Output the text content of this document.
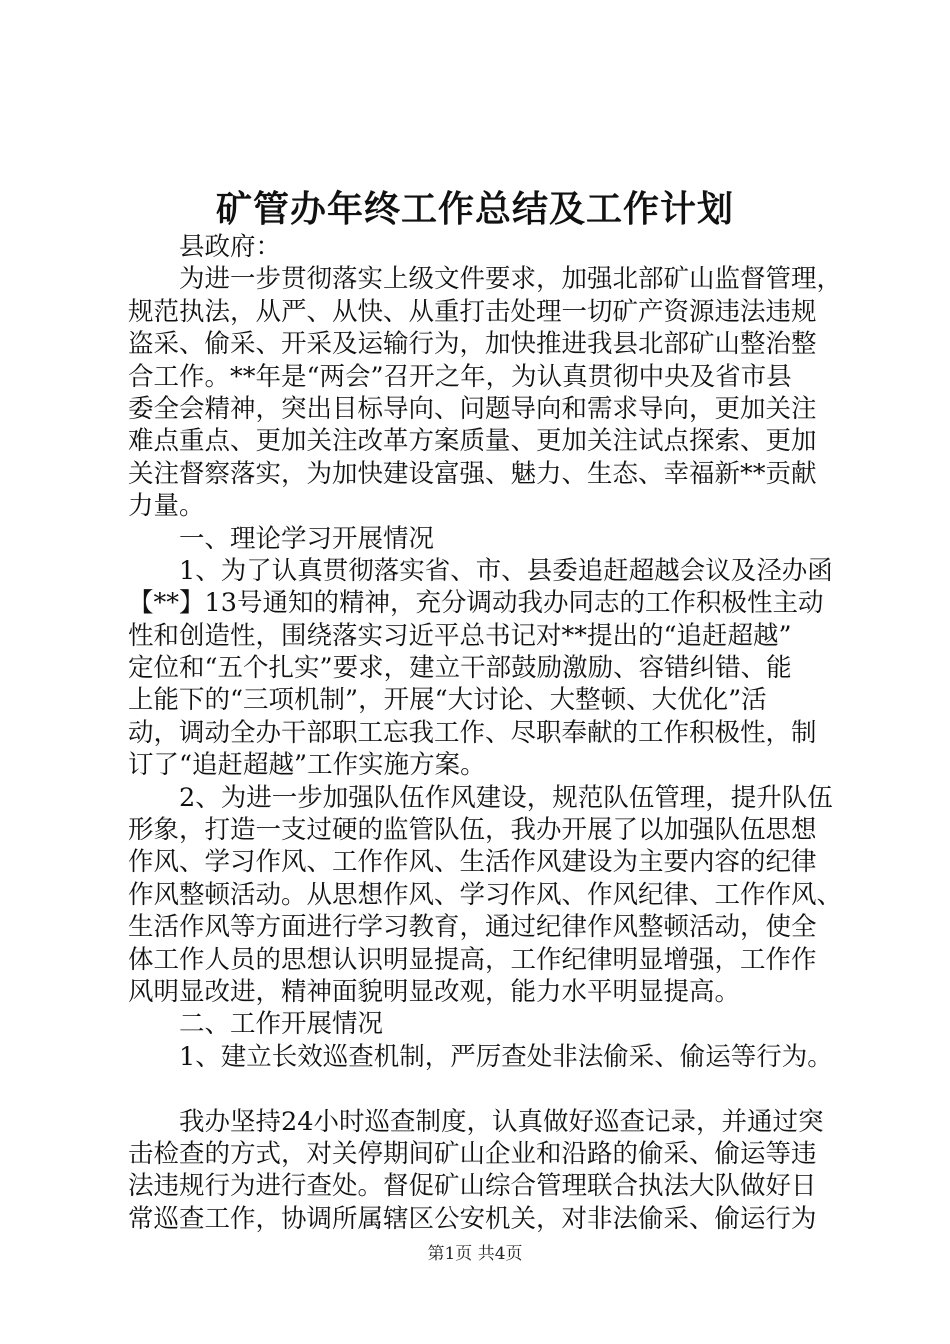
矿管办年终工作总结及工作计划
县政府：
为进一步贯彻落实上级文件要求，加强北部矿山监督管理，
规范执法，从严、从快、从重打击处理一切矿产资源违法违规
盗采、偷采、开采及运输行为，加快推进我县北部矿山整治整
合工作。**年是“两会”召开之年，为认真贯彻中央及省市县
委全会精神，突出目标导向、问题导向和需求导向，更加关注
难点重点、更加关注改革方案质量、更加关注试点探索、更加
关注督察落实，为加快建设富强、魅力、生态、幸福新**贡献
力量。
一、理论学习开展情况
1、为了认真贯彻落实省、市、县委追赶超越会议及泾办函
【**】13号通知的精神，充分调动我办同志的工作积极性主动
性和创造性，围绕落实习近平总书记对**提出的“追赶超越”
定位和“五个扎实”要求，建立干部鼓励激励、容错纠错、能
上能下的“三项机制”，开展“大讨论、大整顿、大优化”活
动，调动全办干部职工忘我工作、尽职奉献的工作积极性，制
订了“追赶超越”工作实施方案。
2、为进一步加强队伍作风建设，规范队伍管理，提升队伍
形象，打造一支过硬的监管队伍，我办开展了以加强队伍思想
作风、学习作风、工作作风、生活作风建设为主要内容的纪律
作风整顿活动。从思想作风、学习作风、作风纪律、工作作风、
生活作风等方面进行学习教育，通过纪律作风整顿活动，使全
体工作人员的思想认识明显提高，工作纪律明显增强，工作作
风明显改进，精神面貌明显改观，能力水平明显提高。
二、工作开展情况
1、建立长效巡查机制，严厉查处非法偷采、偷运等行为。
我办坚持24小时巡查制度，认真做好巡查记录，并通过突
击检查的方式，对关停期间矿山企业和沿路的偷采、偷运等违
法违规行为进行查处。督促矿山综合管理联合执法大队做好日
常巡查工作，协调所属辖区公安机关，对非法偷采、偷运行为
第1页 共4页
